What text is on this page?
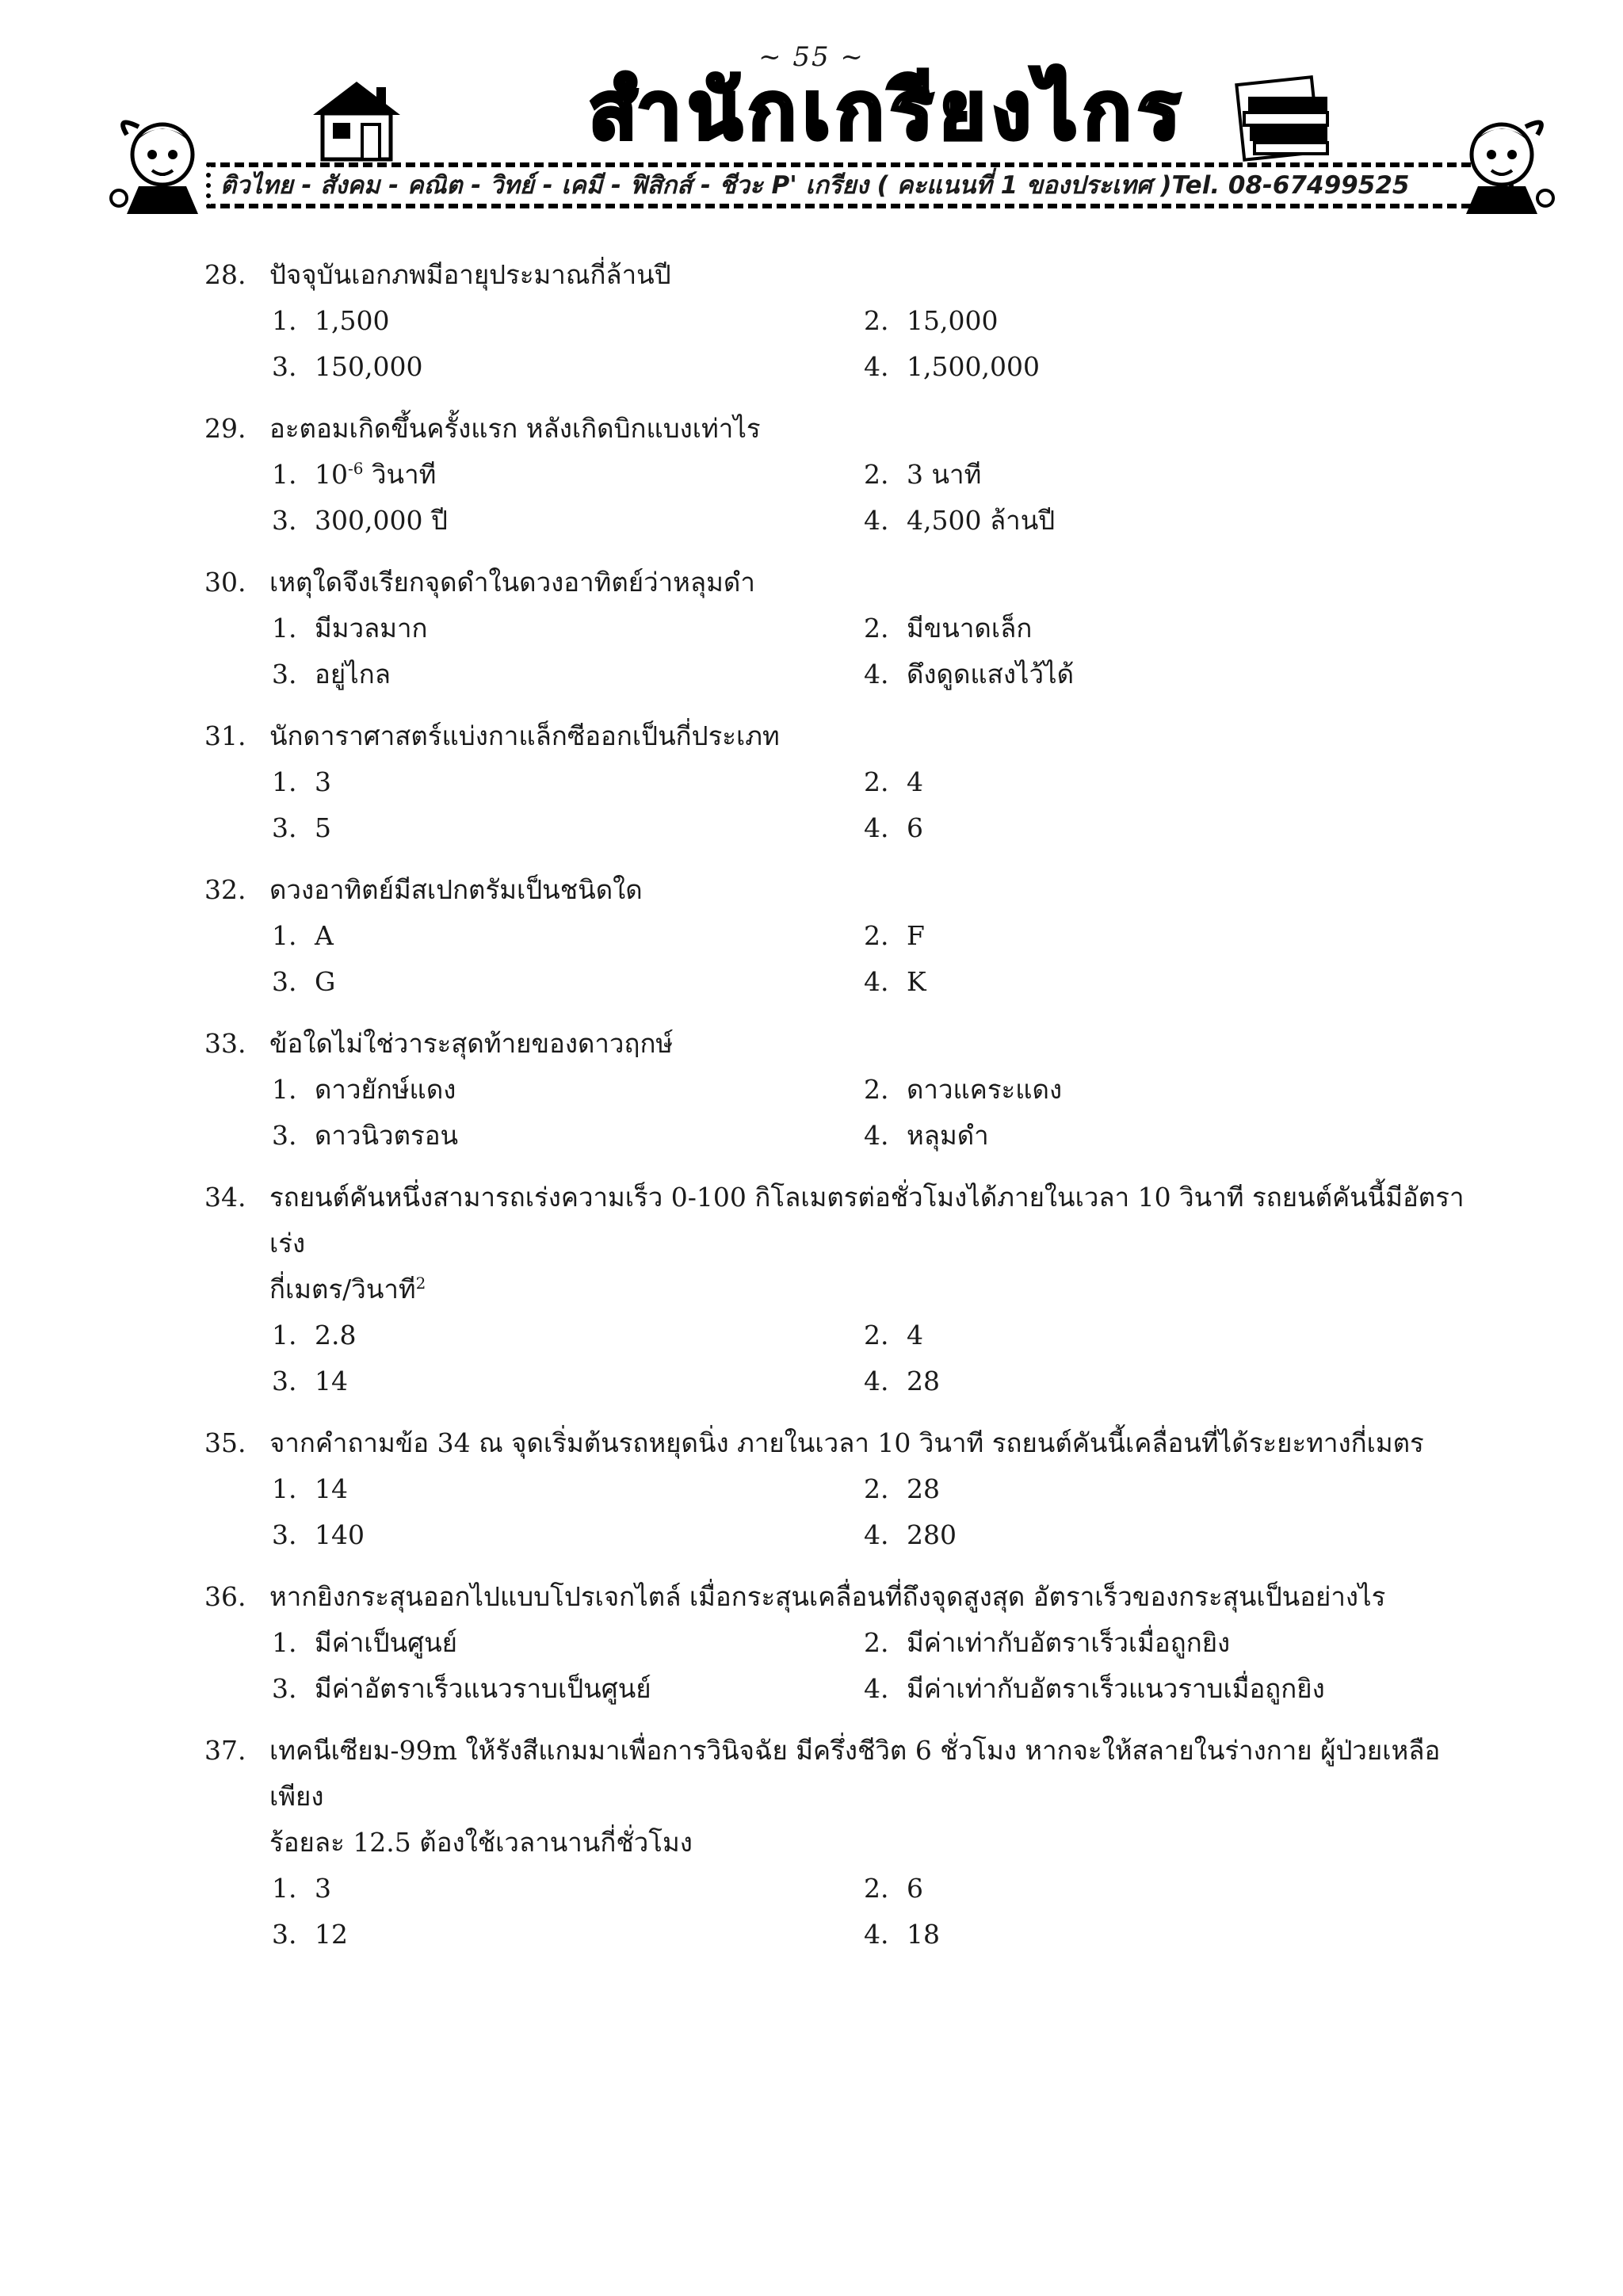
~ 55 ~
สำนักเกรียงไกร
ติวไทย - สังคม - คณิต - วิทย์ - เคมี - ฟิสิกส์ - ชีวะ P' เกรียง ( คะแนนที่ 1 ของประเทศ )Tel. 08-67499525
28. ปัจจุบันเอกภพมีอายุประมาณกี่ล้านปี
1. 1,500	2. 15,000
3. 150,000	4. 1,500,000
29. อะตอมเกิดขึ้นครั้งแรก หลังเกิดบิกแบงเท่าไร
1. $10^{-6}$ วินาที	2. 3 นาที
3. 300,000 ปี	4. 4,500 ล้านปี
30. เหตุใดจึงเรียกจุดดำในดวงอาทิตย์ว่าหลุมดำ
1. มีมวลมาก	2. มีขนาดเล็ก
3. อยู่ไกล	4. ดึงดูดแสงไว้ได้
31. นักดาราศาสตร์แบ่งกาแล็กซีออกเป็นกี่ประเภท
1. 3	2. 4
3. 5	4. 6
32. ดวงอาทิตย์มีสเปกตรัมเป็นชนิดใด
1. A	2. F
3. G	4. K
33. ข้อใดไม่ใช่วาระสุดท้ายของดาวฤกษ์
1. ดาวยักษ์แดง	2. ดาวแคระแดง
3. ดาวนิวตรอน	4. หลุมดำ
34. รถยนต์คันหนึ่งสามารถเร่งความเร็ว 0-100 กิโลเมตรต่อชั่วโมงได้ภายในเวลา 10 วินาที รถยนต์คันนี้มีอัตราเร่ง
กี่เมตร/วินาที$^2$
1. 2.8	2. 4
3. 14	4. 28
35. จากคำถามข้อ 34 ณ จุดเริ่มต้นรถหยุดนิ่ง ภายในเวลา 10 วินาที รถยนต์คันนี้เคลื่อนที่ได้ระยะทางกี่เมตร
1. 14	2. 28
3. 140	4. 280
36. หากยิงกระสุนออกไปแบบโปรเจกไตล์ เมื่อกระสุนเคลื่อนที่ถึงจุดสูงสุด อัตราเร็วของกระสุนเป็นอย่างไร
1. มีค่าเป็นศูนย์	2. มีค่าเท่ากับอัตราเร็วเมื่อถูกยิง
3. มีค่าอัตราเร็วแนวราบเป็นศูนย์	4. มีค่าเท่ากับอัตราเร็วแนวราบเมื่อถูกยิง
37. เทคนีเซียม-99m ให้รังสีแกมมาเพื่อการวินิจฉัย มีครึ่งชีวิต 6 ชั่วโมง หากจะให้สลายในร่างกาย ผู้ป่วยเหลือเพียง
ร้อยละ 12.5 ต้องใช้เวลานานกี่ชั่วโมง
1. 3	2. 6
3. 12	4. 18
